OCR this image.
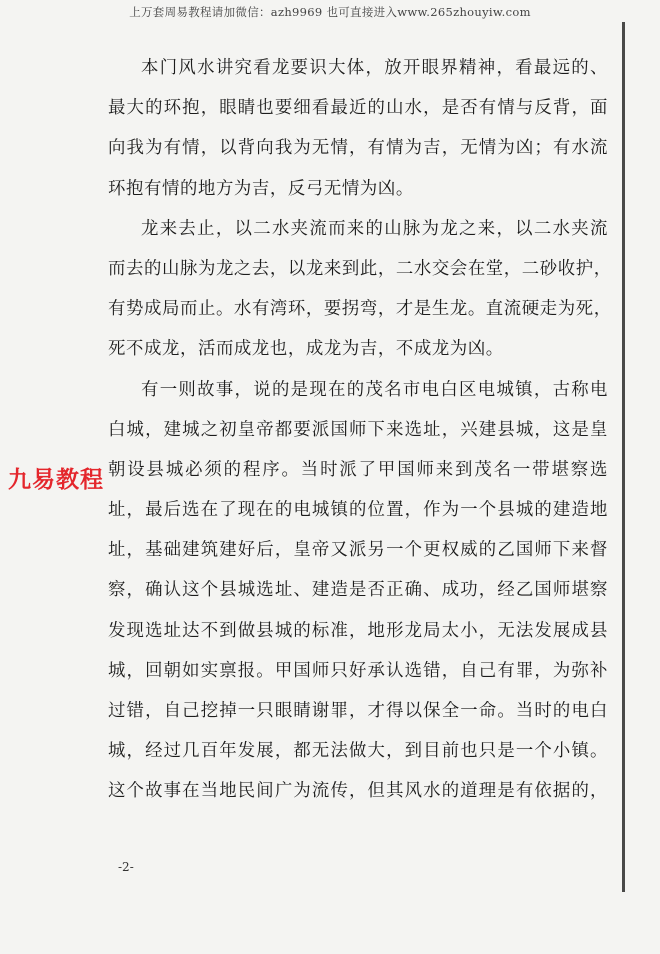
上万套周易教程请加微信：azh9969 也可直接进入www.265zhouyiw.com
本门风水讲究看龙要识大体，放开眼界精神，看最远的、
最大的环抱，眼睛也要细看最近的山水，是否有情与反背，面
向我为有情，以背向我为无情，有情为吉，无情为凶；有水流
环抱有情的地方为吉，反弓无情为凶。
龙来去止，以二水夹流而来的山脉为龙之来，以二水夹流
而去的山脉为龙之去，以龙来到此，二水交会在堂，二砂收护，
有势成局而止。水有湾环，要拐弯，才是生龙。直流硬走为死，
死不成龙，活而成龙也，成龙为吉，不成龙为凶。
有一则故事，说的是现在的茂名市电白区电城镇，古称电
白城，建城之初皇帝都要派国师下来选址，兴建县城，这是皇
朝设县城必须的程序。当时派了甲国师来到茂名一带堪察选
址，最后选在了现在的电城镇的位置，作为一个县城的建造地
址，基础建筑建好后，皇帝又派另一个更权威的乙国师下来督
察，确认这个县城选址、建造是否正确、成功，经乙国师堪察
发现选址达不到做县城的标准，地形龙局太小，无法发展成县
城，回朝如实禀报。甲国师只好承认选错，自己有罪，为弥补
过错，自己挖掉一只眼睛谢罪，才得以保全一命。当时的电白
城，经过几百年发展，都无法做大，到目前也只是一个小镇。
这个故事在当地民间广为流传，但其风水的道理是有依据的，
九易教程
-2-
